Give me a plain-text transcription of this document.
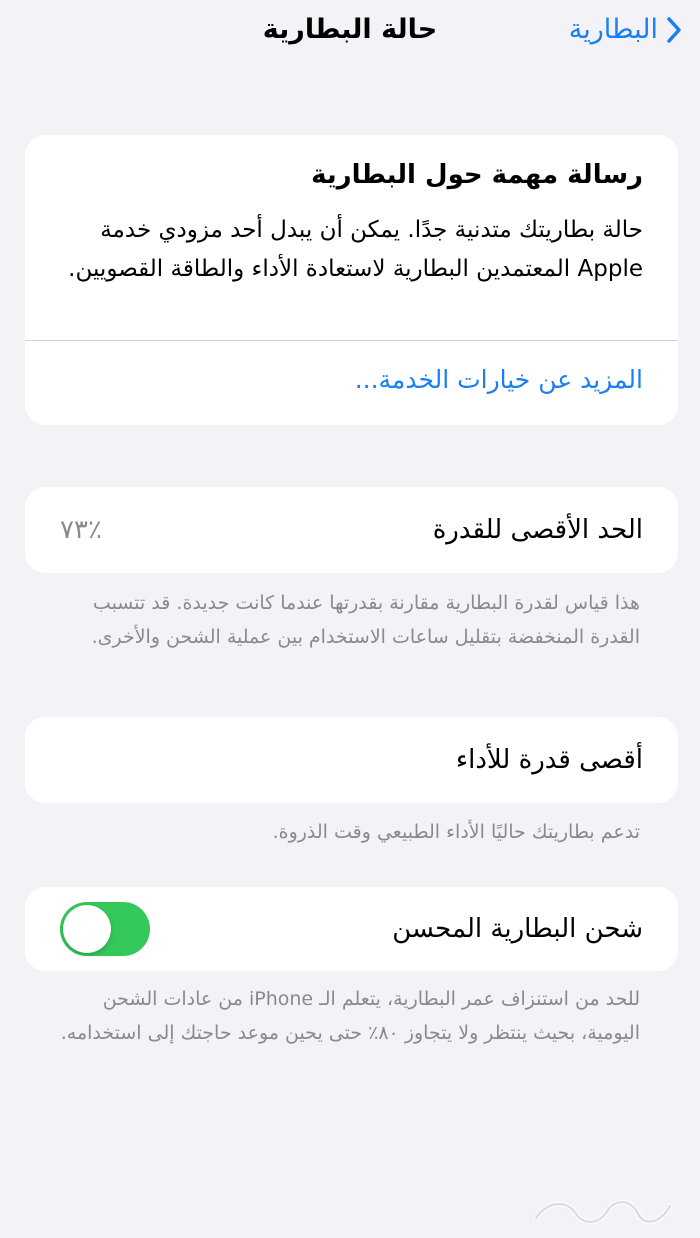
حالة البطارية	البطارية
رسالة مهمة حول البطارية
حالة بطاريتك متدنية جدًا. يمكن أن يبدل أحد مزودي خدمة Apple المعتمدين البطارية لاستعادة الأداء والطاقة القصويين.
المزيد عن خيارات الخدمة...
الحد الأقصى للقدرة
٪٧٣
هذا قياس لقدرة البطارية مقارنة بقدرتها عندما كانت جديدة. قد تتسبب القدرة المنخفضة بتقليل ساعات الاستخدام بين عملية الشحن والأخرى.
أقصى قدرة للأداء
تدعم بطاريتك حاليًا الأداء الطبيعي وقت الذروة.
شحن البطارية المحسن
للحد من استنزاف عمر البطارية، يتعلم الـ iPhone من عادات الشحن اليومية، بحيث ينتظر ولا يتجاوز ٨٠٪ حتى يحين موعد حاجتك إلى استخدامه.
